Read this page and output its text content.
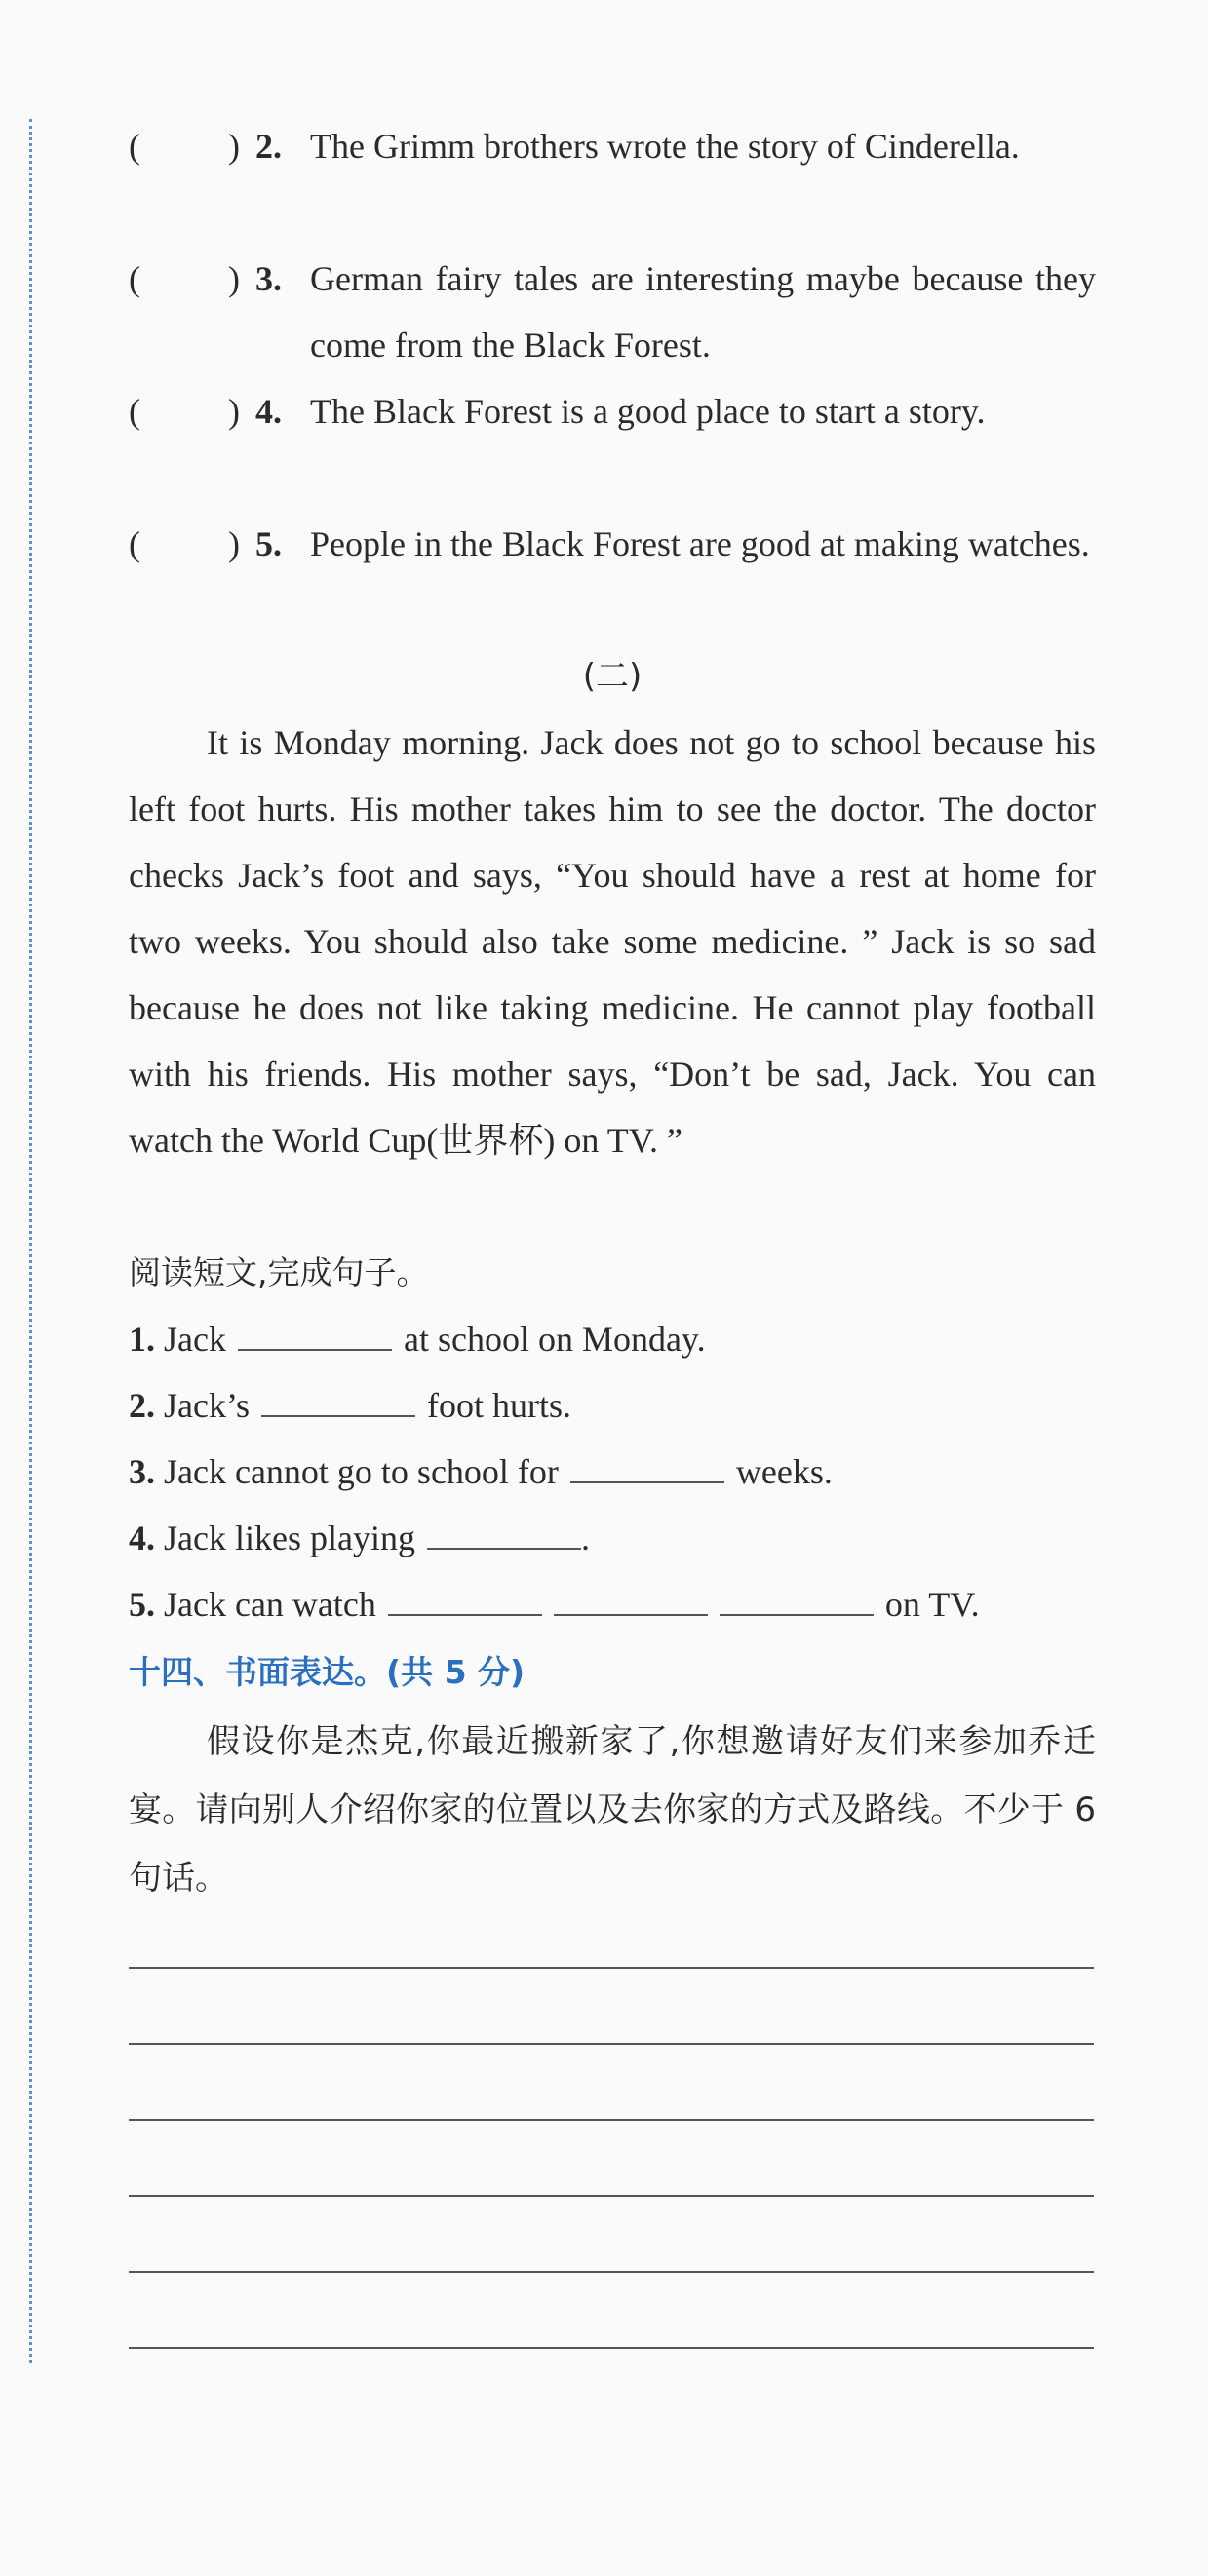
(	) 2. The Grimm brothers wrote the story of Cinderella.
(	) 3. German fairy tales are interesting maybe because they come from the Black Forest.
(	) 4. The Black Forest is a good place to start a story.
(	) 5. People in the Black Forest are good at making watches.
(二)

It is Monday morning. Jack does not go to school because his left foot hurts. His mother takes him to see the doctor. The doctor checks Jack’s foot and says, “You should have a rest at home for two weeks. You should also take some medicine. ” Jack is so sad because he does not like taking medicine. He cannot play football with his friends. His mother says, “Don’t be sad, Jack. You can watch the World Cup(世界杯) on TV. ”

阅读短文,完成句子。
1. Jack	at school on Monday.
2. Jack’s	foot hurts.
3. Jack cannot go to school for	weeks.
4. Jack likes playing	.
5. Jack can watch	on TV.
十四、书面表达。(共 5 分)

假设你是杰克,你最近搬新家了,你想邀请好友们来参加乔迁宴。请向别人介绍你家的位置以及去你家的方式及路线。不少于 6 句话。
